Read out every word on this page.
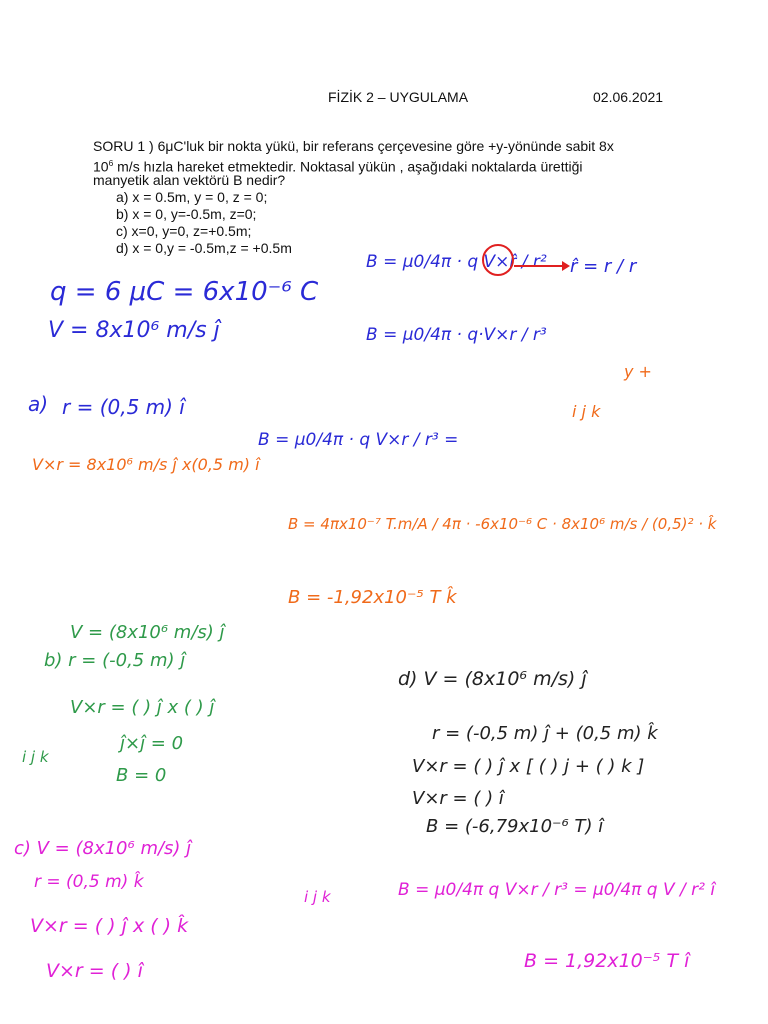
FİZİK 2 – UYGULAMA	02.06.2021
SORU 1 ) 6μC'luk bir nokta yükü, bir referans çerçevesine göre +y-yönünde sabit 8x
$10^6$ m/s hızla hareket etmektedir. Noktasal yükün , aşağıdaki noktalarda ürettiği
manyetik alan vektörü B nedir?
a) x = 0.5m, y = 0, z = 0;
b) x = 0, y=-0.5m, z=0;
c) x=0, y=0, z=+0.5m;
d) x = 0,y = -0.5m,z = +0.5m
q = 6 μC = 6x10⁻⁶ C
V = 8x10⁶ m/s ĵ
B = μ0/4π · q V×r̂ / r² r̂ = r / r
B = μ0/4π · q·V×r / r³
i j k
y +
a) r = (0,5 m) î
B = μ0/4π · q V×r / r³ =
V×r = 8x10⁶ m/s ĵ x(0,5 m) î
B = 4πx10⁻⁷ T.m/A / 4π · -6x10⁻⁶ C · 8x10⁶ m/s / (0,5)² · k̂
B = -1,92x10⁻⁵ T k̂
V = (8x10⁶ m/s) ĵ
b) r = (-0,5 m) ĵ
V×r = ( ) ĵ x ( ) ĵ
ĵ×ĵ = 0
B = 0
i j k
c) V = (8x10⁶ m/s) ĵ
r = (0,5 m) k̂
V×r = ( ) ĵ x ( ) k̂
V×r = ( ) î
i j k	B = μ0/4π q V×r / r³ = μ0/4π q V / r² î
B = 1,92x10⁻⁵ T î
d) V = (8x10⁶ m/s) ĵ
r = (-0,5 m) ĵ + (0,5 m) k̂
V×r = ( ) ĵ x [ ( ) j + ( ) k ]
V×r = ( ) î
B = (-6,79x10⁻⁶ T) î
